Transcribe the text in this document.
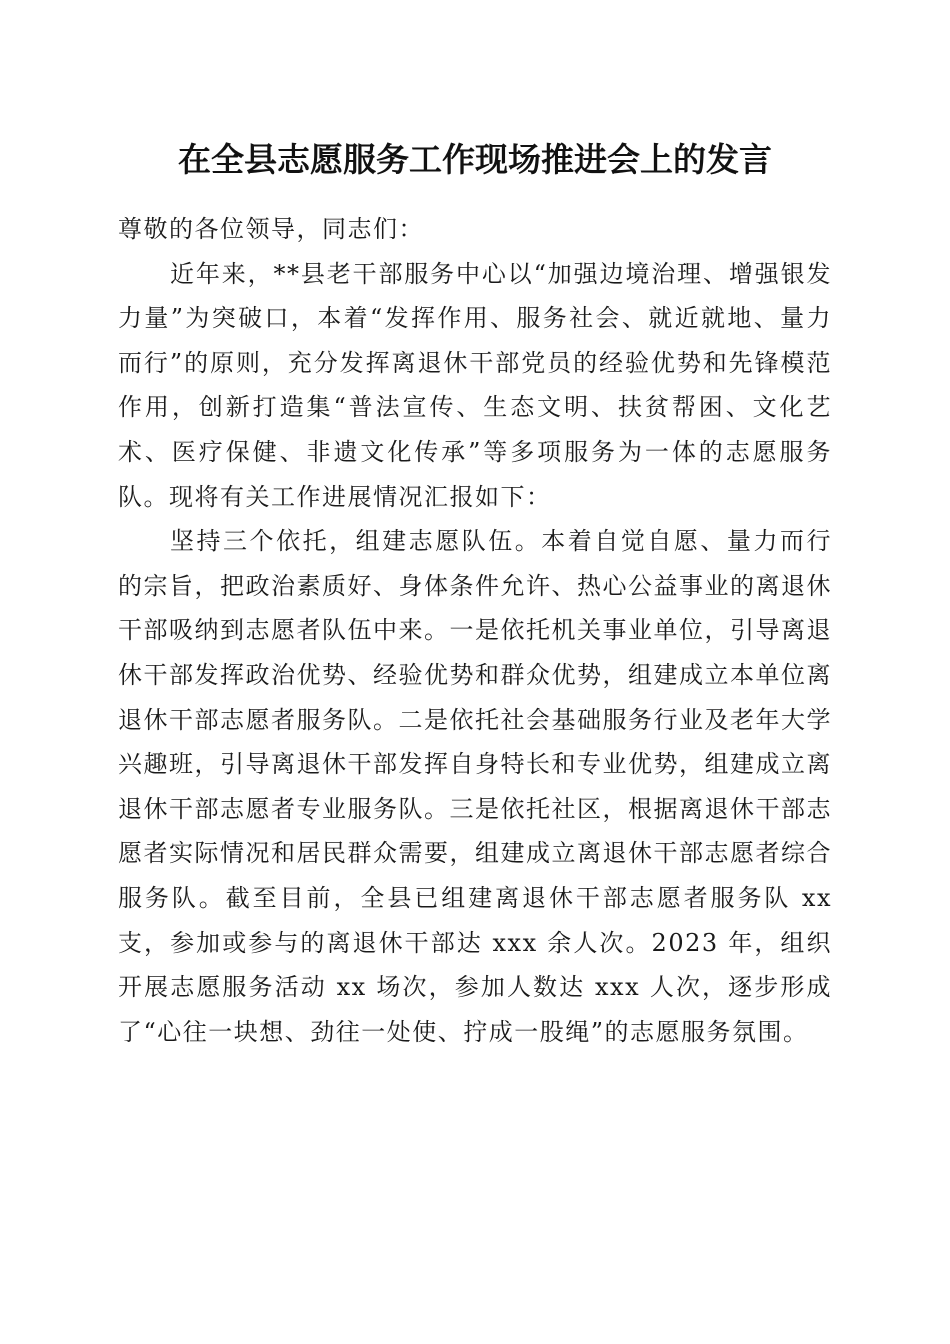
在全县志愿服务工作现场推进会上的发言

尊敬的各位领导，同志们：

近年来，**县老干部服务中心以“加强边境治理、增强银发力量”为突破口，本着“发挥作用、服务社会、就近就地、量力而行”的原则，充分发挥离退休干部党员的经验优势和先锋模范作用，创新打造集“普法宣传、生态文明、扶贫帮困、文化艺术、医疗保健、非遗文化传承”等多项服务为一体的志愿服务队。现将有关工作进展情况汇报如下：

坚持三个依托，组建志愿队伍。本着自觉自愿、量力而行的宗旨，把政治素质好、身体条件允许、热心公益事业的离退休干部吸纳到志愿者队伍中来。一是依托机关事业单位，引导离退休干部发挥政治优势、经验优势和群众优势，组建成立本单位离退休干部志愿者服务队。二是依托社会基础服务行业及老年大学兴趣班，引导离退休干部发挥自身特长和专业优势，组建成立离退休干部志愿者专业服务队。三是依托社区，根据离退休干部志愿者实际情况和居民群众需要，组建成立离退休干部志愿者综合服务队。截至目前，全县已组建离退休干部志愿者服务队 xx 支，参加或参与的离退休干部达 xxx 余人次。2023 年，组织开展志愿服务活动 xx 场次，参加人数达 xxx 人次，逐步形成了“心往一块想、劲往一处使、拧成一股绳”的志愿服务氛围。
